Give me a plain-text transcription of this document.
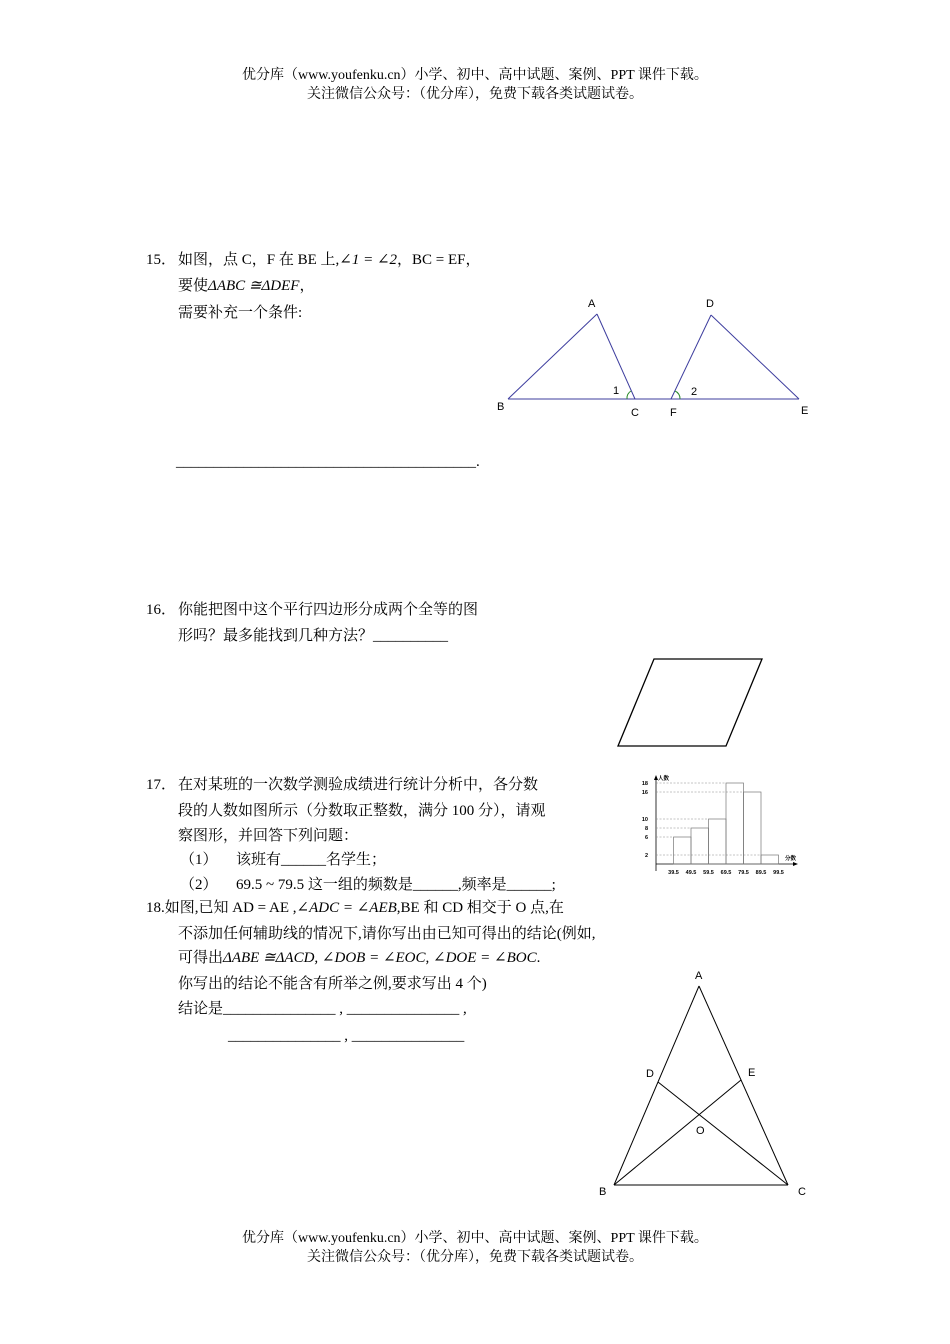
优分库（www.youfenku.cn）小学、初中、高中试题、案例、PPT 课件下载。
关注微信公众号：（优分库），免费下载各类试题试卷。
15． 如图，点 C，F 在 BE 上,∠1 = ∠2，BC = EF，
要使ΔABC ≅ΔDEF，
需要补充一个条件:
________________________________________.
A
B	C
D
E
F
1	2
16． 你能把图中这个平行四边形分成两个全等的图
形吗？最多能找到几种方法？__________
17． 在对某班的一次数学测验成绩进行统计分析中，各分数
段的人数如图所示（分数取正整数，满分 100 分），请观
察图形，并回答下列问题：
（1） 该班有______名学生；
（2） 69.5 ~ 79.5 这一组的频数是______,频率是______;
2
6
8
10
16
18
39.5 49.5 59.5 69.5 79.5 89.5 99.5
人数
分数
18.如图,已知 AD = AE ,∠ADC = ∠AEB,BE 和 CD 相交于 O 点,在
不添加任何辅助线的情况下,请你写出由已知可得出的结论(例如,
可得出ΔABE ≅ΔACD, ∠DOB = ∠EOC, ∠DOE = ∠BOC.
你写出的结论不能含有所举之例,要求写出 4 个)
结论是_______________ , _______________ ,
_______________ , _______________
A
B	C
D	E
O
优分库（www.youfenku.cn）小学、初中、高中试题、案例、PPT 课件下载。
关注微信公众号：（优分库），免费下载各类试题试卷。
